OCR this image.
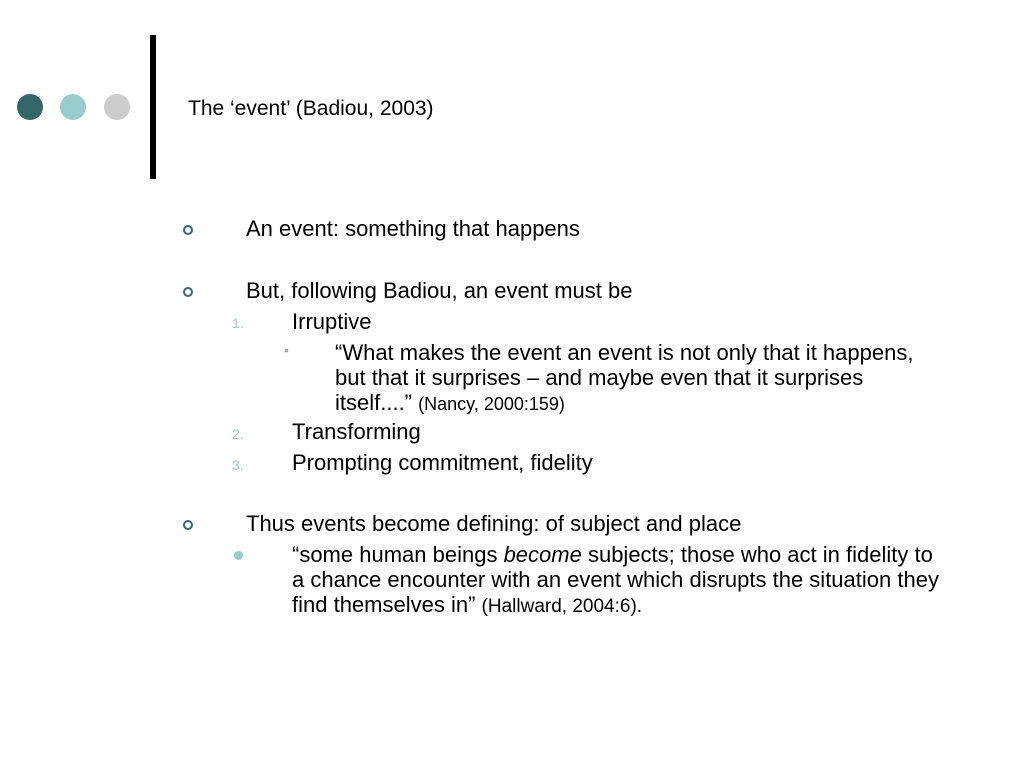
The ‘event’ (Badiou, 2003)
An event: something that happens
But, following Badiou, an event must be
1. Irruptive
• “What makes the event an event is not only that it happens, but that it surprises – and maybe even that it surprises itself....” (Nancy, 2000:159)
2. Transforming
3. Prompting commitment, fidelity
Thus events become defining: of subject and place
“some human beings become subjects; those who act in fidelity to a chance encounter with an event which disrupts the situation they find themselves in” (Hallward, 2004:6).
